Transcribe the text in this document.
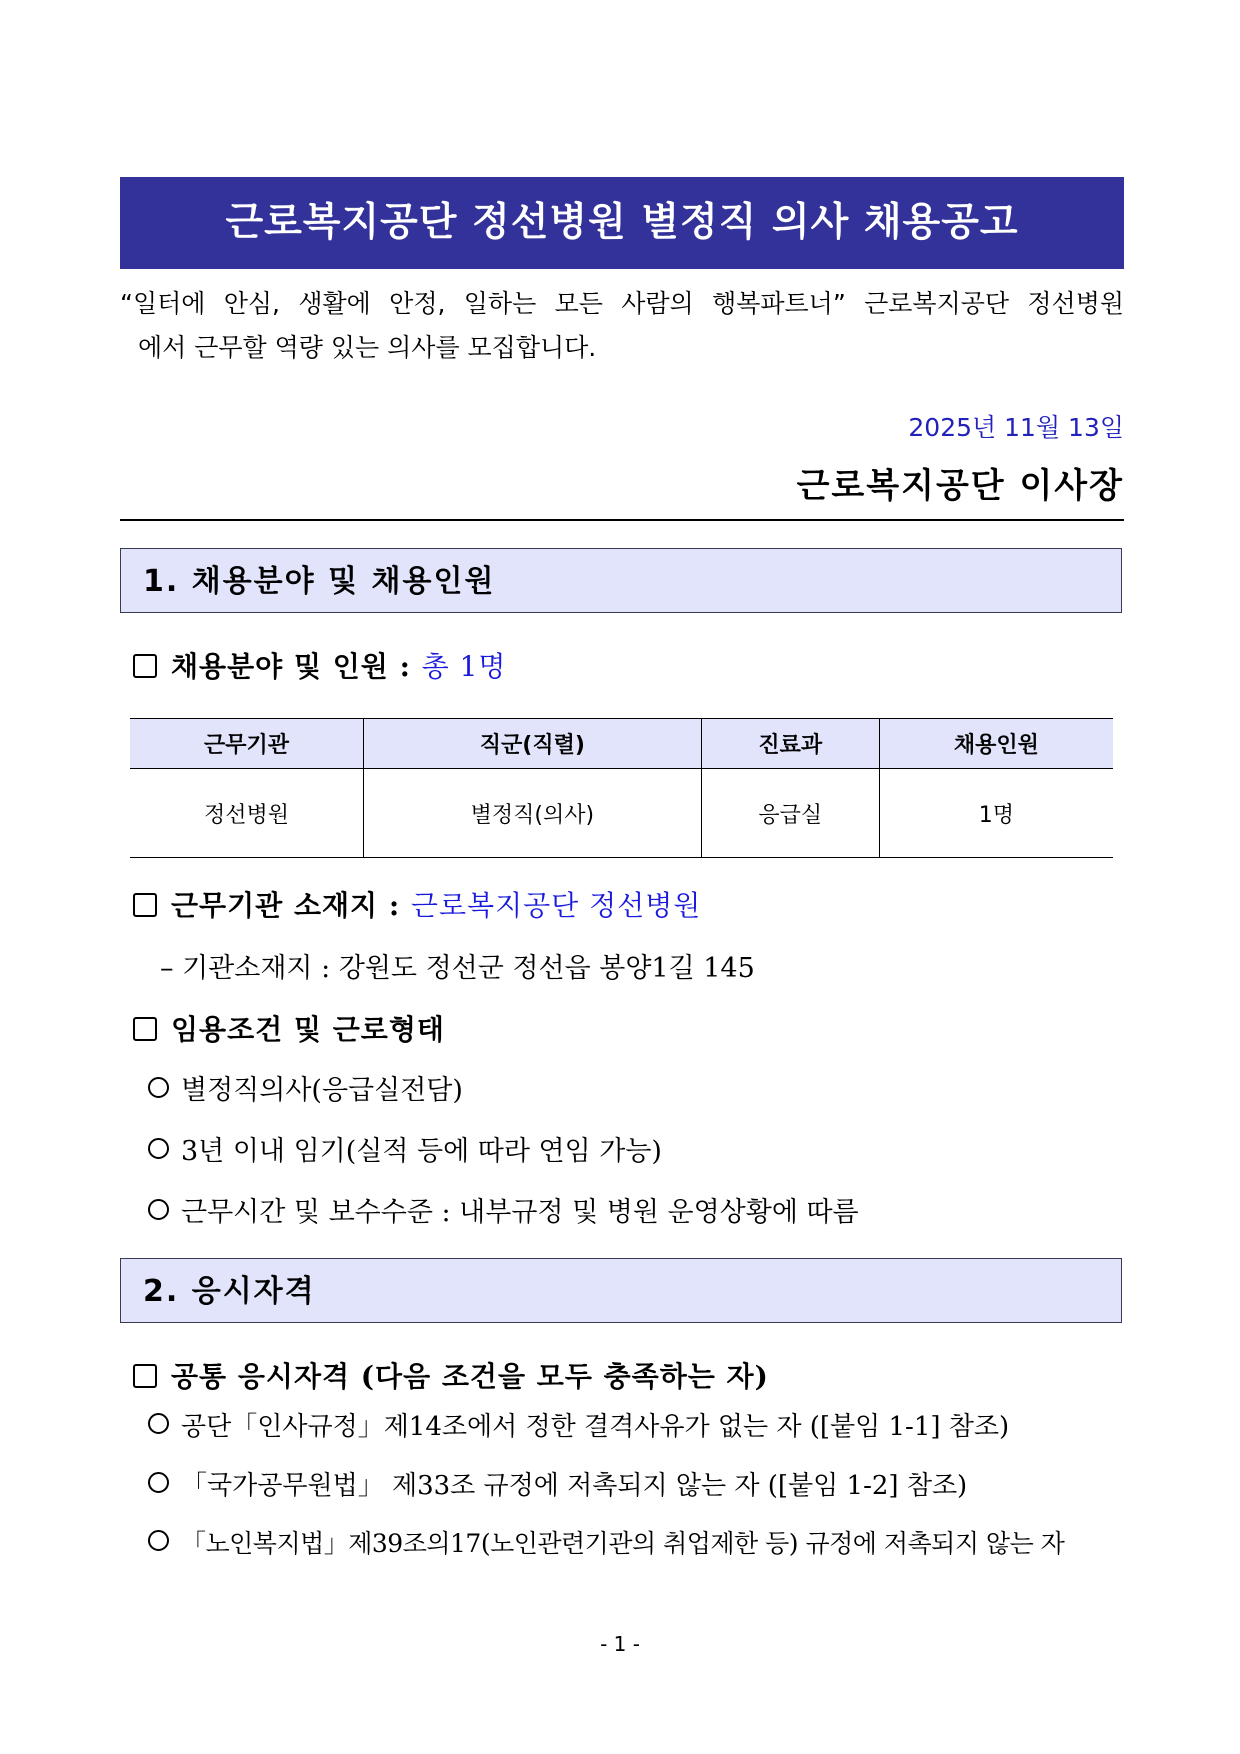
근로복지공단 정선병원 별정직 의사 채용공고
“일터에 안심, 생활에 안정, 일하는 모든 사람의 행복파트너” 근로복지공단 정선병원
에서 근무할 역량 있는 의사를 모집합니다.
2025년 11월 13일
근로복지공단 이사장
1. 채용분야 및 채용인원
채용분야 및 인원 : 총 1명
근무기관	직군(직렬)	진료과	채용인원
정선병원	별정직(의사)	응급실	1명
근무기관 소재지 : 근로복지공단 정선병원
– 기관소재지 : 강원도 정선군 정선읍 봉양1길 145
임용조건 및 근로형태
별정직의사(응급실전담)
3년 이내 임기(실적 등에 따라 연임 가능)
근무시간 및 보수수준 : 내부규정 및 병원 운영상황에 따름
2. 응시자격
공통 응시자격 (다음 조건을 모두 충족하는 자)
공단「인사규정」제14조에서 정한 결격사유가 없는 자 ([붙임 1-1] 참조)
「국가공무원법」 제33조 규정에 저촉되지 않는 자 ([붙임 1-2] 참조)
「노인복지법」제39조의17(노인관련기관의 취업제한 등) 규정에 저촉되지 않는 자
- 1 -
